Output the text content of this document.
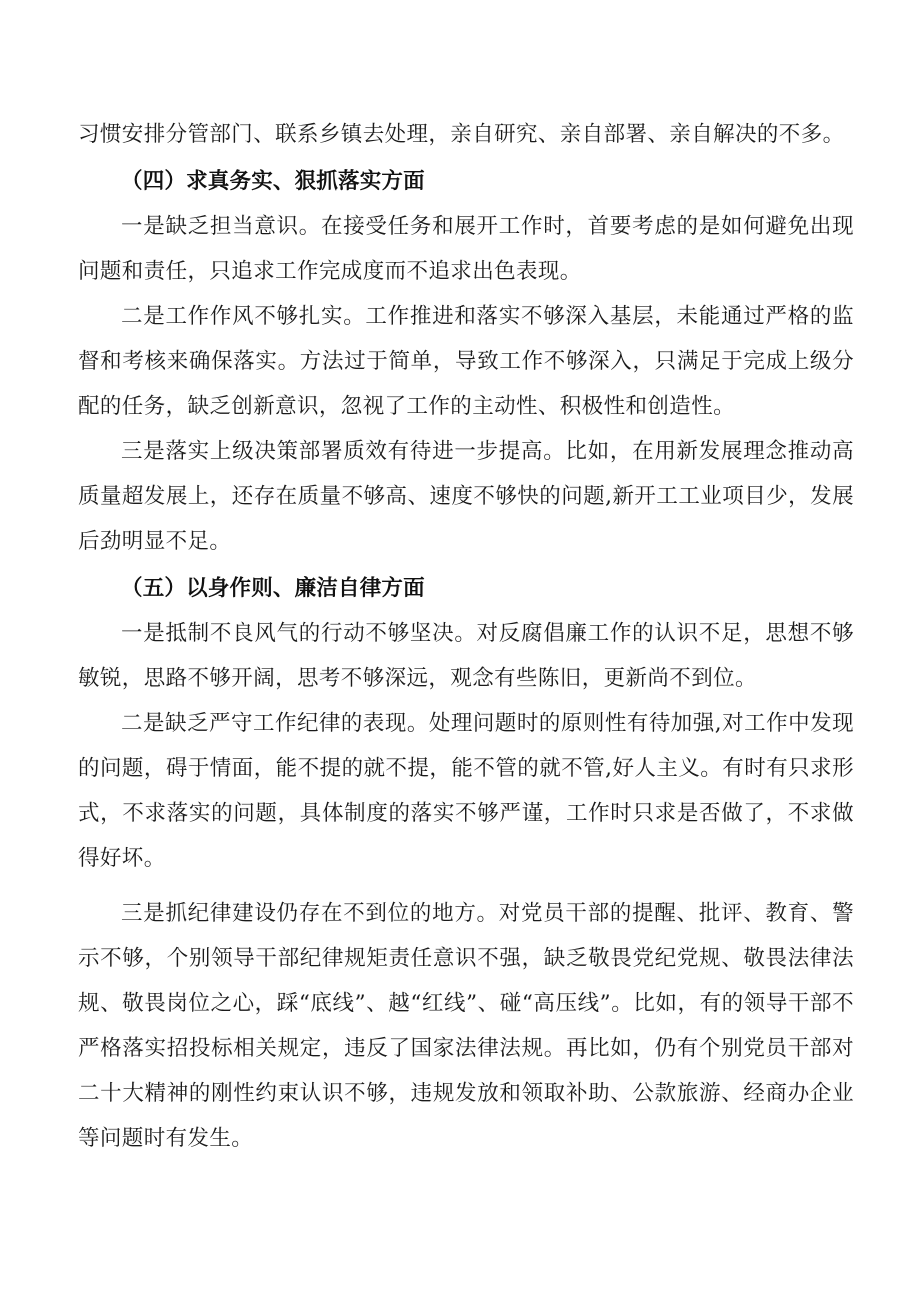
习惯安排分管部门、联系乡镇去处理，亲自研究、亲自部署、亲自解决的不多。

（四）求真务实、狠抓落实方面

一是缺乏担当意识。在接受任务和展开工作时，首要考虑的是如何避免出现问题和责任，只追求工作完成度而不追求出色表现。

二是工作作风不够扎实。工作推进和落实不够深入基层，未能通过严格的监督和考核来确保落实。方法过于简单，导致工作不够深入，只满足于完成上级分配的任务，缺乏创新意识，忽视了工作的主动性、积极性和创造性。

三是落实上级决策部署质效有待进一步提高。比如，在用新发展理念推动高质量超发展上，还存在质量不够高、速度不够快的问题,新开工工业项目少，发展后劲明显不足。

（五）以身作则、廉洁自律方面

一是抵制不良风气的行动不够坚决。对反腐倡廉工作的认识不足，思想不够敏锐，思路不够开阔，思考不够深远，观念有些陈旧，更新尚不到位。

二是缺乏严守工作纪律的表现。处理问题时的原则性有待加强,对工作中发现的问题，碍于情面，能不提的就不提，能不管的就不管,好人主义。有时有只求形式，不求落实的问题，具体制度的落实不够严谨，工作时只求是否做了，不求做得好坏。

三是抓纪律建设仍存在不到位的地方。对党员干部的提醒、批评、教育、警示不够，个别领导干部纪律规矩责任意识不强，缺乏敬畏党纪党规、敬畏法律法规、敬畏岗位之心，踩“底线”、越“红线”、碰“高压线”。比如，有的领导干部不严格落实招投标相关规定，违反了国家法律法规。再比如，仍有个别党员干部对二十大精神的刚性约束认识不够，违规发放和领取补助、公款旅游、经商办企业等问题时有发生。
